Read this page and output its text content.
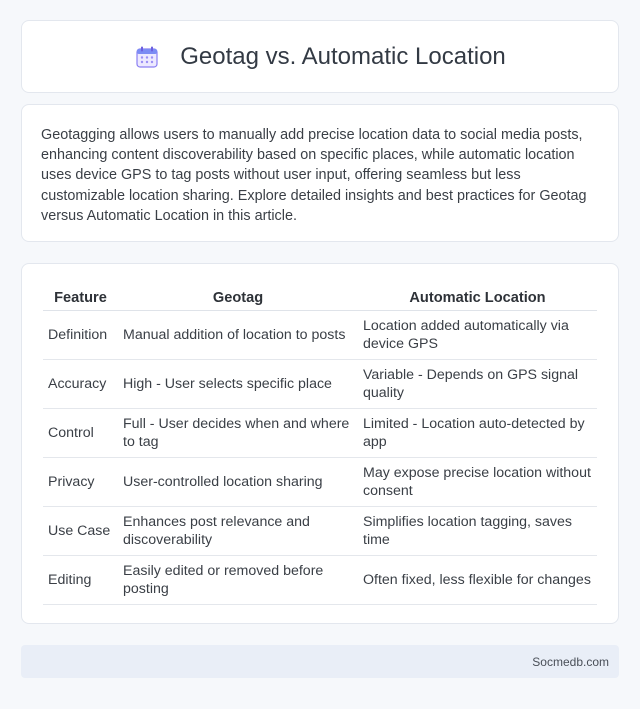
Geotag vs. Automatic Location

Geotagging allows users to manually add precise location data to social media posts, enhancing content discoverability based on specific places, while automatic location uses device GPS to tag posts without user input, offering seamless but less customizable location sharing. Explore detailed insights and best practices for Geotag versus Automatic Location in this article.

Feature	Geotag	Automatic Location
Definition	Manual addition of location to posts	Location added automatically via device GPS
Accuracy	High - User selects specific place	Variable - Depends on GPS signal quality
Control	Full - User decides when and where to tag	Limited - Location auto-detected by app
Privacy	User-controlled location sharing	May expose precise location without consent
Use Case	Enhances post relevance and discoverability	Simplifies location tagging, saves time
Editing	Easily edited or removed before posting	Often fixed, less flexible for changes
Socmedb.com
